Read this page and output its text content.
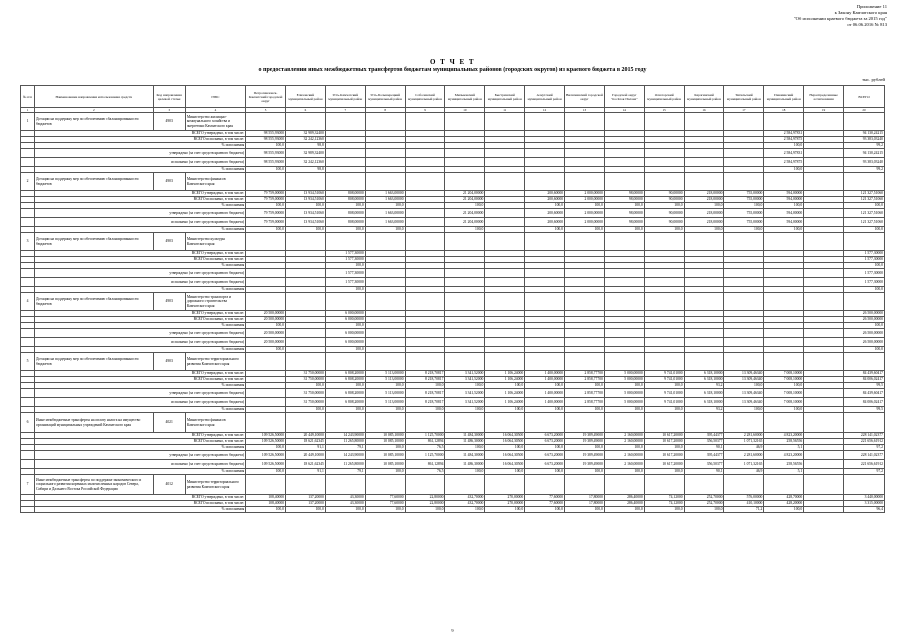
Приложение 11
к Закону Камчатского края
"Об исполнении краевого бюджета за 2015 год"
от 06.06.2016 № 813
О Т Ч Е Т
о предоставлении иных межбюджетных трансфертов бюджетам муниципальных районов (городских округов) из краевого бюджета в 2015 году
тыс. рублей
№ п/п	Наименование направления использования средств	Код направления целевой статьи	ГРБС	Петропавловск-Камчатский городской округ	Елизовский муниципальный район	Усть-Камчатский муниципальный район	Усть-Большерецкий муниципальный район	Соболевский муниципальный район	Мильковский муниципальный район	Быстринский муниципальный район	Алеутский муниципальный район	Вилючинский городской округ	Городской округ "посёлок Палана"	Олюторский муниципальный район	Карагинский муниципальный район	Тигильский муниципальный район	Пенжинский муниципальный район	Нераспределенные ассигнования	ВСЕГО
1	2	3	4	5	6	7	8	9	10	11	12	13	14	15	16	17	18	19	20
1	Дотации на поддержку мер по обеспечению сбалансированности бюджетов	4903	Министерство жилищно-коммунального хозяйства и энергетики Камчатского края																
	ВСЕГО утверждено, в том числе:			98 555,93000	32 989,32400												2 584,97831		94 130,24215
	ВСЕГО исполнено, в том числе:			98 555,93000	32 242,12360												2 584,97875		93 383,03240
	% исполнения			100,0	98,8												100,0		99,2
	утверждено (за счет средств краевого бюджета)			98 555,93000	32 989,32400												2 584,97831		94 130,24215
	исполнено (за счет средств краевого бюджета)			98 555,93000	32 242,12360												2 584,97875		93 383,03240
	% исполнения			100,0	98,8												100,0		99,2
2	Дотации на поддержку мер по обеспечению сбалансированности бюджетов	4903	Министерство финансов Камчатского края																
	ВСЕГО утверждено, в том числе:			79 759,00000	13 934,51060	808,00000	1 663,00000		21 204,00000		200,60000	2 000,00000	98,00000	90,00000	218,00000	755,00000	594,00000		121 327,51060
	ВСЕГО исполнено, в том числе:			79 759,00000	13 934,51060	808,00000	1 663,00000		21 204,00000		200,60000	2 000,00000	98,00000	90,00000	218,00000	755,00000	594,00000		121 327,51060
	% исполнения			100,0	100,0	100,0	100,0		100,0		100,0	100,0	100,0	100,0	100,0	100,0	100,0		100,0
	утверждено (за счет средств краевого бюджета)			79 759,00000	13 934,51060	808,00000	1 663,00000		21 204,00000		200,60000	2 000,00000	98,00000	90,00000	218,00000	755,00000	594,00000		121 327,51060
	исполнено (за счет средств краевого бюджета)			79 759,00000	13 934,51060	808,00000	1 663,00000		21 204,00000		200,60000	2 000,00000	98,00000	90,00000	218,00000	755,00000	594,00000		121 327,51060
	% исполнения			100,0	100,0	100,0	100,0		100,0		100,0	100,0	100,0	100,0	100,0	100,0	100,0		100,0
3	Дотации на поддержку мер по обеспечению сбалансированности бюджетов	4903	Министерство культуры Камчатского края																
	ВСЕГО утверждено, в том числе:					1 577,30000													1 577,30000
	ВСЕГО исполнено, в том числе:					1 577,30000													1 577,30000
	% исполнения					100,0													100,0
	утверждено (за счет средств краевого бюджета)					1 577,30000													1 577,30000
	исполнено (за счет средств краевого бюджета)					1 577,30000													1 577,30000
	% исполнения					100,0													100,0
4	Дотации на поддержку мер по обеспечению сбалансированности бюджетов	4903	Министерство транспорта и дорожного строительства Камчатского края																
	ВСЕГО утверждено, в том числе:			20 500,00000		6 000,00000													26 500,00000
	ВСЕГО исполнено, в том числе:			20 500,00000		6 000,00000													26 500,00000
	% исполнения			100,0		100,0													100,0
	утверждено (за счет средств краевого бюджета)			20 500,00000		6 000,00000													26 500,00000
	исполнено (за счет средств краевого бюджета)			20 500,00000		6 000,00000													26 500,00000
	% исполнения			100,0		100,0													100,0
5	Дотации на поддержку мер по обеспечению сбалансированности бюджетов	4903	Министерство территориального развития Камчатского края																
	ВСЕГО утверждено, в том числе:				31 750,00000	6 808,20000	5 113,00000	8 218,70817	3 341,52000	1 106,24000	1 400,00000	2 858,77700	5 000,00000	9 741,01000	6 318,10000	13 309,46340	7 008,10000		84 439,60417
	ВСЕГО исполнено, в том числе:				31 750,00000	6 808,20000	5 113,00000	8 218,70817	3 341,52000	1 106,24000	1 400,00000	2 858,77700	5 000,00000	9 741,01000	6 318,10000	13 309,46340	7 008,10000		84 006,02417
	% исполнения				100,0	100,0	100,0	100,0	100,0	100,0	100,0	100,0	100,0	100,0	93,2	100,0	100,0		99,5
	утверждено (за счет средств краевого бюджета)				31 750,00000	6 808,20000	5 113,00000	8 218,70817	3 341,52000	1 106,24000	1 400,00000	2 858,77700	5 000,00000	9 741,01000	6 318,10000	13 309,46340	7 008,10000		84 439,60417
	исполнено (за счет средств краевого бюджета)				31 750,00000	6 808,20000	5 113,00000	8 218,70817	3 341,52000	1 106,24000	1 400,00000	2 858,77700	5 000,00000	9 741,01000	6 318,10000	13 309,46340	7 008,10000		84 006,02417
	% исполнения				100,0	100,0	100,0	100,0	100,0	100,0	100,0	100,0	100,0	100,0	93,2	100,0	100,0		99,5
6	Иные межбюджетные трансферты на оплату налога на имущество организаций муниципальных учреждений Камчатского края	4021	Министерство финансов Камчатского края																
	ВСЕГО утверждено, в том числе:			109 526,50000	20 449,10000	14 243,90000	10 085,10000	1 125,70000	11 484,30000	16 064,30500	6 673,20000	19 389,49000	2 160,00000	10 617,20000	395,44377	2 281,60000	4 823,20000		228 141,02377
	ВСЕГО исполнено, в том числе:			109 526,50000	18 621,62345	11 265,80000	10 085,10000	861,12894	11 486,30000	16 064,30500	6 673,20000	19 389,49000	2 160,00000	10 617,20000	356,50377	1 071,32165	258,56556		221 656,61912
	% исполнения			100,0	91,1	79,1	100,0	76,5	100,0	100,0	100,0	100,0	100,0	100,0	90,1	46,9	5,1		97,2
	утверждено (за счет средств краевого бюджета)			109 526,50000	20 449,10000	14 243,90000	10 085,10000	1 125,70000	11 484,30000	16 064,30500	6 673,20000	19 389,49000	2 160,00000	10 617,20000	395,44377	2 281,60000	4 823,20000		228 141,02377
	исполнено (за счет средств краевого бюджета)			109 526,50000	18 621,62345	11 265,80000	10 085,10000	861,12894	11 486,30000	16 064,30500	6 673,20000	19 389,49000	2 160,00000	10 617,20000	356,50377	1 071,32165	258,56556		221 656,61912
	% исполнения			100,0	91,1	79,1	100,0	76,5	100,0	100,0	100,0	100,0	100,0	100,0	90,1	46,9	5,1		97,2
7	Иные межбюджетные трансферты по поддержке экономического и социального развития коренных малочисленных народов Севера, Сибири и Дальнего Востока Российской Федерации	4012	Министерство территориального развития Камчатского края																
	ВСЕГО утверждено, в том числе:			108,40000	137,20000	43,30000	77,60000	22,80000	432,70000	270,00000	77,60000	17,80000	286,40000	74,12000	252,70000	576,00000	428,70000		3 440,00000
	ВСЕГО исполнено, в том числе:			108,40000	137,20000	43,30000	77,60000	22,80000	432,70000	270,00000	77,60000	17,80000	286,40000	74,12000	252,70000	410,10000	428,20000		3 315,00000
	% исполнения			100,0	100,0	100,0	100,0	100,0	100,0	100,0	100,0	100,0	100,0	100,0	100,0	71,2	100,0		96,4
9
